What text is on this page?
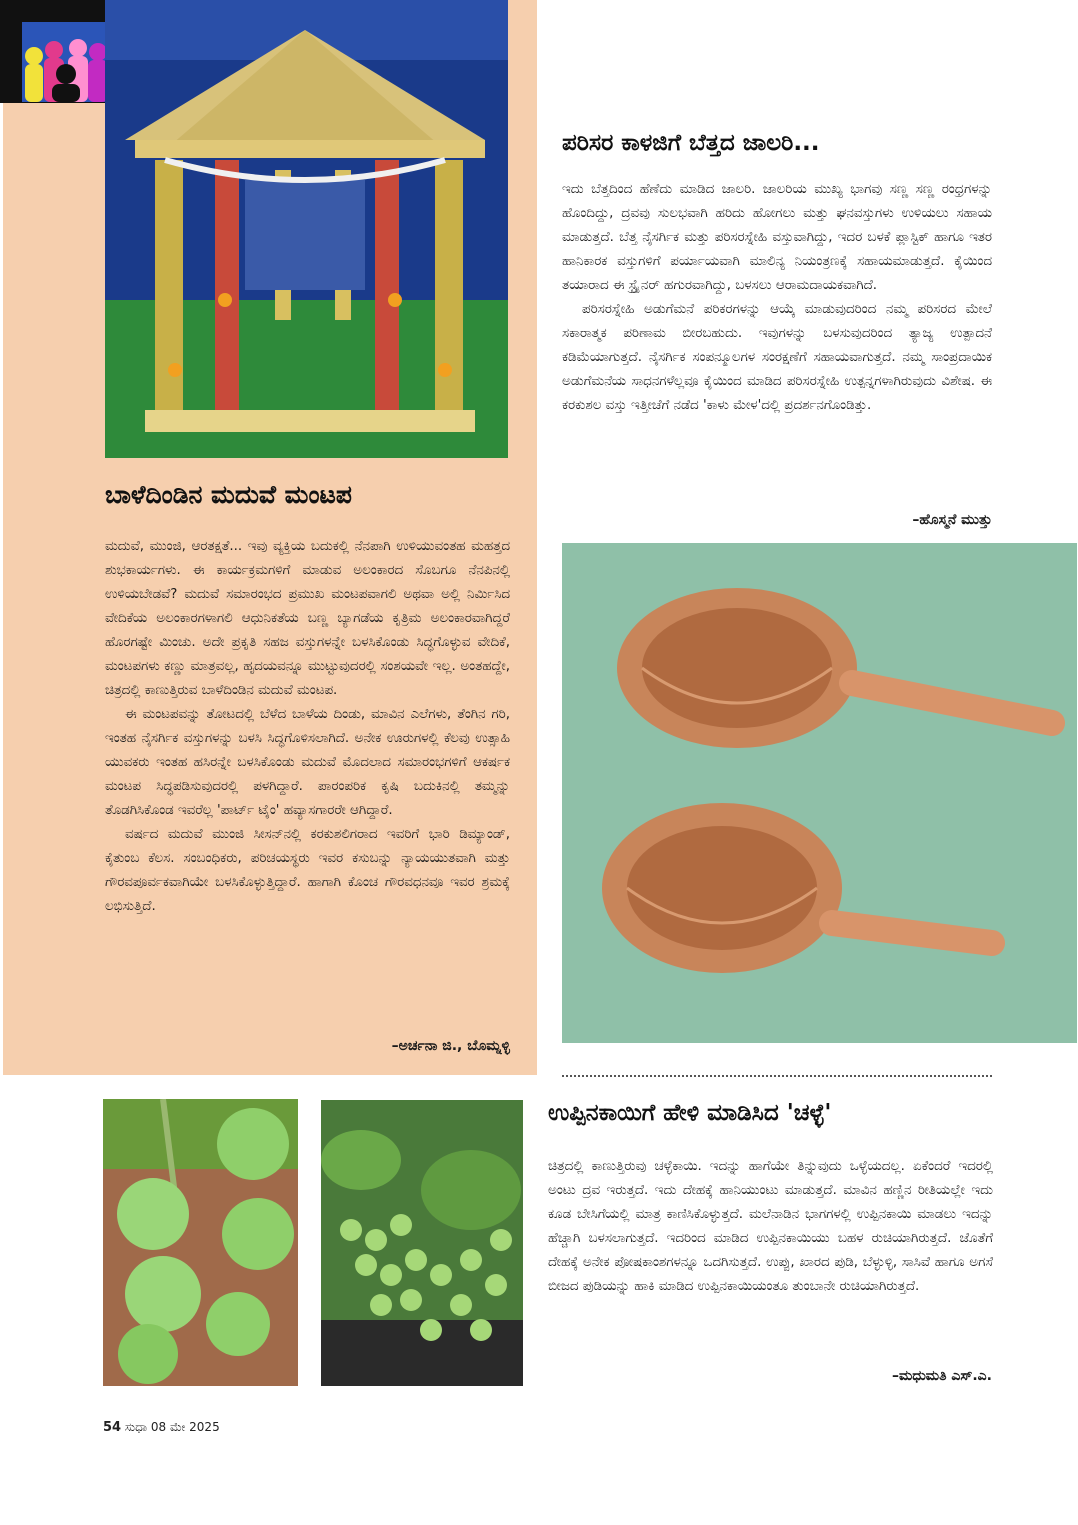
ಬಾಳೆದಿಂಡಿನ ಮದುವೆ ಮಂಟಪ

ಮದುವೆ, ಮುಂಜಿ, ಆರತಕ್ಷತೆ... ಇವು ವ್ಯಕ್ತಿಯ ಬದುಕಲ್ಲಿ ನೆನಪಾಗಿ ಉಳಿಯುವಂತಹ ಮಹತ್ತದ ಶುಭಕಾರ್ಯಗಳು. ಈ ಕಾರ್ಯಕ್ರಮಗಳಿಗೆ ಮಾಡುವ ಅಲಂಕಾರದ ಸೊಬಗೂ ನೆನಪಿನಲ್ಲಿ ಉಳಿಯಬೇಡವೆ? ಮದುವೆ ಸಮಾರಂಭದ ಪ್ರಮುಖ ಮಂಟಪವಾಗಲಿ ಅಥವಾ ಅಲ್ಲಿ ನಿರ್ಮಿಸಿದ ವೇದಿಕೆಯ ಅಲಂಕಾರಗಳಾಗಲಿ ಆಧುನಿಕತೆಯ ಬಣ್ಣ ಬ್ಯಾಗಡೆಯ ಕೃತ್ರಿಮ ಅಲಂಕಾರವಾಗಿದ್ದರೆ ಹೊರಗಷ್ಟೇ ಮಿಂಚು. ಅದೇ ಪ್ರಕೃತಿ ಸಹಜ ವಸ್ತುಗಳನ್ನೇ ಬಳಸಿಕೊಂಡು ಸಿದ್ಧಗೊಳ್ಳುವ ವೇದಿಕೆ, ಮಂಟಪಗಳು ಕಣ್ಣು ಮಾತ್ರವಲ್ಲ, ಹೃದಯವನ್ನೂ ಮುಟ್ಟುವುದರಲ್ಲಿ ಸಂಶಯವೇ ಇಲ್ಲ. ಅಂತಹದ್ದೇ, ಚಿತ್ರದಲ್ಲಿ ಕಾಣುತ್ತಿರುವ ಬಾಳೆದಿಂಡಿನ ಮದುವೆ ಮಂಟಪ.

ಈ ಮಂಟಪವನ್ನು ತೋಟದಲ್ಲಿ ಬೆಳೆದ ಬಾಳೆಯ ದಿಂಡು, ಮಾವಿನ ಎಲೆಗಳು, ತೆಂಗಿನ ಗರಿ, ಇಂತಹ ನೈಸರ್ಗಿಕ ವಸ್ತುಗಳನ್ನು ಬಳಸಿ ಸಿದ್ಧಗೊಳಿಸಲಾಗಿದೆ. ಅನೇಕ ಊರುಗಳಲ್ಲಿ ಕೆಲವು ಉತ್ಸಾಹಿ ಯುವಕರು ಇಂತಹ ಹಸಿರನ್ನೇ ಬಳಸಿಕೊಂಡು ಮದುವೆ ಮೊದಲಾದ ಸಮಾರಂಭಗಳಿಗೆ ಆಕರ್ಷಕ ಮಂಟಪ ಸಿದ್ಧಪಡಿಸುವುದರಲ್ಲಿ ಪಳಗಿದ್ದಾರೆ. ಪಾರಂಪರಿಕ ಕೃಷಿ ಬದುಕಿನಲ್ಲಿ ತಮ್ಮನ್ನು ತೊಡಗಿಸಿಕೊಂಡ ಇವರೆಲ್ಲ 'ಪಾರ್ಟ್ ಟೈಂ' ಹವ್ಯಾಸಗಾರರೇ ಆಗಿದ್ದಾರೆ.

ವರ್ಷದ ಮದುವೆ ಮುಂಜಿ ಸೀಸನ್‌ನಲ್ಲಿ ಕರಕುಶಲಿಗರಾದ ಇವರಿಗೆ ಭಾರಿ ಡಿಮ್ಯಾಂಡ್, ಕೈತುಂಬ ಕೆಲಸ. ಸಂಬಂಧಿಕರು, ಪರಿಚಯಸ್ಥರು ಇವರ ಕಸುಬನ್ನು ನ್ಯಾಯಯುತವಾಗಿ ಮತ್ತು ಗೌರವಪೂರ್ವಕವಾಗಿಯೇ ಬಳಸಿಕೊಳ್ಳುತ್ತಿದ್ದಾರೆ. ಹಾಗಾಗಿ ಕೊಂಚ ಗೌರವಧನವೂ ಇವರ ಶ್ರಮಕ್ಕೆ ಲಭಿಸುತ್ತಿದೆ.

–ಅರ್ಚನಾ ಜಿ., ಬೊಮ್ನಳ್ಳಿ
ಪರಿಸರ ಕಾಳಜಿಗೆ ಬೆತ್ತದ ಜಾಲರಿ...

ಇದು ಬೆತ್ತದಿಂದ ಹೆಣೆದು ಮಾಡಿದ ಜಾಲರಿ. ಜಾಲರಿಯ ಮುಖ್ಯ ಭಾಗವು ಸಣ್ಣ ಸಣ್ಣ ರಂಧ್ರಗಳನ್ನು ಹೊಂದಿದ್ದು, ದ್ರವವು ಸುಲಭವಾಗಿ ಹರಿದು ಹೋಗಲು ಮತ್ತು ಘನವಸ್ತುಗಳು ಉಳಿಯಲು ಸಹಾಯ ಮಾಡುತ್ತದೆ. ಬೆತ್ತ ನೈಸರ್ಗಿಕ ಮತ್ತು ಪರಿಸರಸ್ನೇಹಿ ವಸ್ತುವಾಗಿದ್ದು, ಇದರ ಬಳಕೆ ಪ್ಲಾಸ್ಟಿಕ್ ಹಾಗೂ ಇತರ ಹಾನಿಕಾರಕ ವಸ್ತುಗಳಿಗೆ ಪರ್ಯಾಯವಾಗಿ ಮಾಲಿನ್ಯ ನಿಯಂತ್ರಣಕ್ಕೆ ಸಹಾಯಮಾಡುತ್ತದೆ. ಕೈಯಿಂದ ತಯಾರಾದ ಈ ಸ್ಟ್ರೈನರ್ ಹಗುರವಾಗಿದ್ದು, ಬಳಸಲು ಆರಾಮದಾಯಕವಾಗಿದೆ.

ಪರಿಸರಸ್ನೇಹಿ ಅಡುಗೆಮನೆ ಪರಿಕರಗಳನ್ನು ಆಯ್ಕೆ ಮಾಡುವುದರಿಂದ ನಮ್ಮ ಪರಿಸರದ ಮೇಲೆ ಸಕಾರಾತ್ಮಕ ಪರಿಣಾಮ ಬೀರಬಹುದು. ಇವುಗಳನ್ನು ಬಳಸುವುದರಿಂದ ತ್ಯಾಜ್ಯ ಉತ್ಪಾದನೆ ಕಡಿಮೆಯಾಗುತ್ತದೆ. ನೈಸರ್ಗಿಕ ಸಂಪನ್ಮೂಲಗಳ ಸಂರಕ್ಷಣೆಗೆ ಸಹಾಯವಾಗುತ್ತದೆ. ನಮ್ಮ ಸಾಂಪ್ರದಾಯಿಕ ಅಡುಗೆಮನೆಯ ಸಾಧನಗಳೆಲ್ಲವೂ ಕೈಯಿಂದ ಮಾಡಿದ ಪರಿಸರಸ್ನೇಹಿ ಉತ್ಪನ್ನಗಳಾಗಿರುವುದು ವಿಶೇಷ. ಈ ಕರಕುಶಲ ವಸ್ತು ಇತ್ತೀಚೆಗೆ ನಡೆದ 'ಕಾಳು ಮೇಳ'ದಲ್ಲಿ ಪ್ರದರ್ಶನಗೊಂಡಿತ್ತು.

–ಹೊಸ್ಮನೆ ಮುತ್ತು
ಉಪ್ಪಿನಕಾಯಿಗೆ ಹೇಳಿ ಮಾಡಿಸಿದ 'ಚಳ್ಳೆ'

ಚಿತ್ರದಲ್ಲಿ ಕಾಣುತ್ತಿರುವು ಚಳ್ಳೆಕಾಯಿ. ಇದನ್ನು ಹಾಗೆಯೇ ತಿನ್ನುವುದು ಒಳ್ಳೆಯದಲ್ಲ. ಏಕೆಂದರೆ ಇದರಲ್ಲಿ ಅಂಟು ದ್ರವ ಇರುತ್ತದೆ. ಇದು ದೇಹಕ್ಕೆ ಹಾನಿಯುಂಟು ಮಾಡುತ್ತದೆ. ಮಾವಿನ ಹಣ್ಣಿನ ರೀತಿಯಲ್ಲೇ ಇದು ಕೂಡ ಬೇಸಿಗೆಯಲ್ಲಿ ಮಾತ್ರ ಕಾಣಿಸಿಕೊಳ್ಳುತ್ತದೆ. ಮಲೆನಾಡಿನ ಭಾಗಗಳಲ್ಲಿ ಉಪ್ಪಿನಕಾಯಿ ಮಾಡಲು ಇದನ್ನು ಹೆಚ್ಚಾಗಿ ಬಳಸಲಾಗುತ್ತದೆ. ಇದರಿಂದ ಮಾಡಿದ ಉಪ್ಪಿನಕಾಯಿಯು ಬಹಳ ರುಚಿಯಾಗಿರುತ್ತದೆ. ಜೊತೆಗೆ ದೇಹಕ್ಕೆ ಅನೇಕ ಪೋಷಕಾಂಶಗಳನ್ನೂ ಒದಗಿಸುತ್ತದೆ. ಉಪ್ಪು, ಖಾರದ ಪುಡಿ, ಬೆಳ್ಳುಳ್ಳಿ, ಸಾಸಿವೆ ಹಾಗೂ ಅಗಸೆ ಬೀಜದ ಪುಡಿಯನ್ನು ಹಾಕಿ ಮಾಡಿದ ಉಪ್ಪಿನಕಾಯಿಯಂತೂ ತುಂಬಾನೇ ರುಚಿಯಾಗಿರುತ್ತದೆ.

–ಮಧುಮತಿ ಎಸ್.ಎ.
54 ಸುಧಾ 08 ಮೇ 2025
